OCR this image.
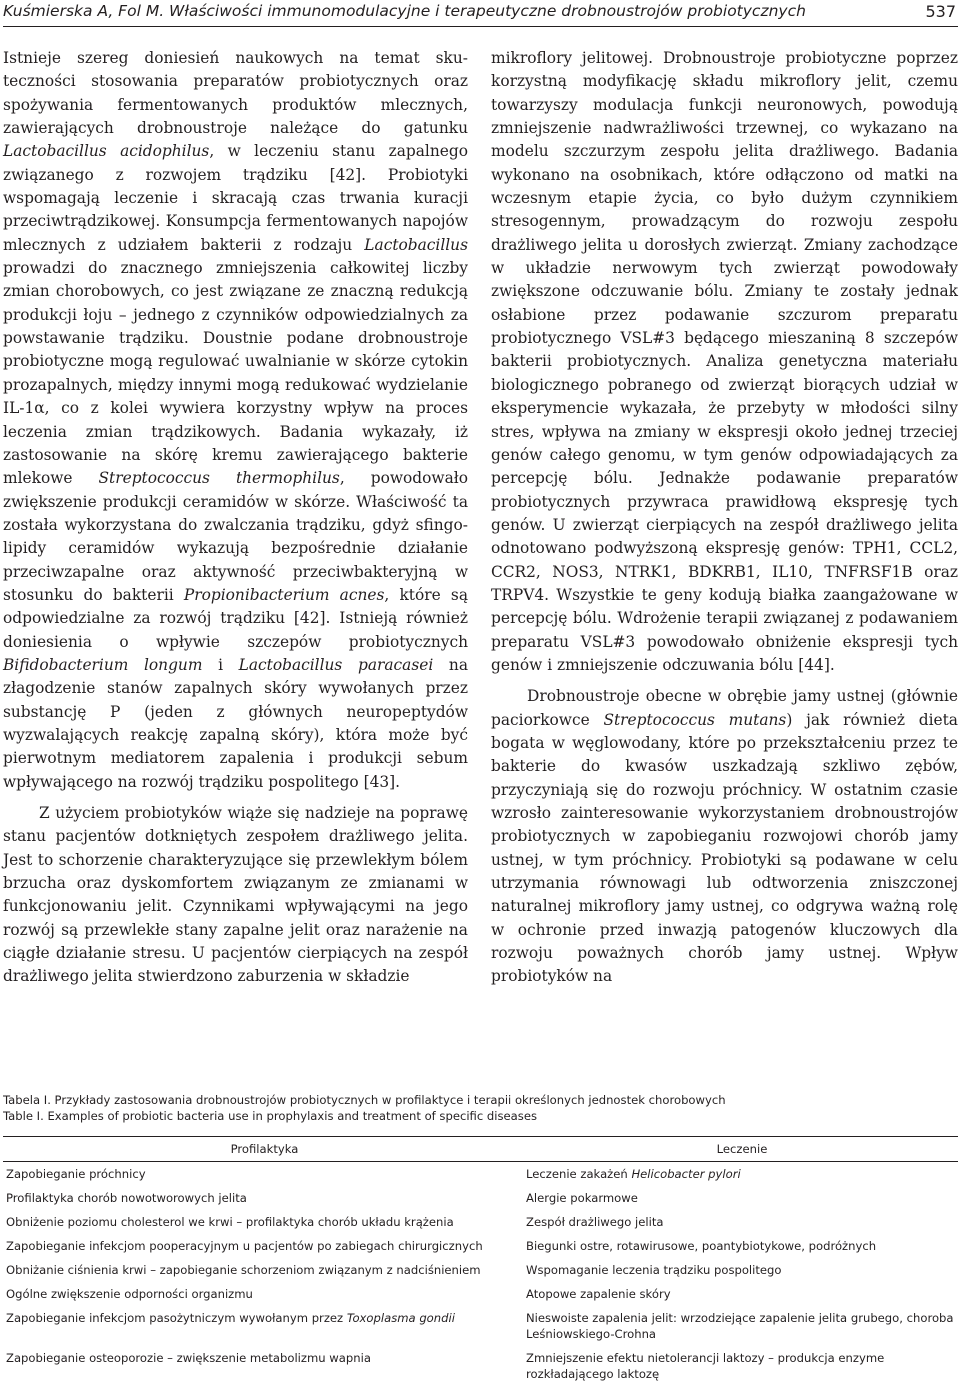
Kuśmierska A, Fol M. Właściwości immunomodulacyjne i terapeutyczne drobnoustrojów probiotycznych	537

Istnieje szereg doniesień naukowych na temat skuteczności stosowania preparatów probiotycznych oraz spożywania fermentowanych produktów mlecznych, zawierających drobnoustroje należące do gatunku Lactobacillus acidophilus, w leczeniu stanu zapalnego związanego z rozwojem trądziku [42]. Probiotyki wspomagają leczenie i skracają czas trwania kuracji przeciwtrądzikowej. Konsumpcja fermentowanych napojów mlecznych z udziałem bakterii z rodzaju Lactobacillus prowadzi do znacznego zmniejszenia całkowitej liczby zmian chorobowych, co jest związane ze znaczną redukcją produkcji łoju – jednego z czynników odpowiedzialnych za powstawanie trądziku. Doustnie podane drobnoustroje probiotyczne mogą regulować uwalnianie w skórze cytokin prozapalnych, między innymi mogą redukować wydzielanie IL-1α, co z kolei wywiera korzystny wpływ na proces leczenia zmian trądzikowych. Badania wykazały, iż zastosowanie na skórę kremu zawierającego bakterie mlekowe Streptococcus thermophilus, powodowało zwiększenie produkcji ceramidów w skórze. Właściwość ta została wykorzystana do zwalczania trądziku, gdyż sfingolipidy ceramidów wykazują bezpośrednie działanie przeciwzapalne oraz aktywność przeciwbakteryjną w stosunku do bakterii Propionibacterium acnes, które są odpowiedzialne za rozwój trądziku [42]. Istnieją również doniesienia o wpływie szczepów probiotycznych Bifidobacterium longum i Lactobacillus paracasei na złagodzenie stanów zapalnych skóry wywołanych przez substancję P (jeden z głównych neuropeptydów wyzwalających reakcję zapalną skóry), która może być pierwotnym mediatorem zapalenia i produkcji sebum wpływającego na rozwój trądziku pospolitego [43].

Z użyciem probiotyków wiąże się nadzieje na poprawę stanu pacjentów dotkniętych zespołem drażliwego jelita. Jest to schorzenie charakteryzujące się przewlekłym bólem brzucha oraz dyskomfortem związanym ze zmianami w funkcjonowaniu jelit. Czynnikami wpływającymi na jego rozwój są przewlekłe stany zapalne jelit oraz narażenie na ciągłe działanie stresu. U pacjentów cierpiących na zespół drażliwego jelita stwierdzono zaburzenia w składzie

mikroflory jelitowej. Drobnoustroje probiotyczne poprzez korzystną modyfikację składu mikroflory jelit, czemu towarzyszy modulacja funkcji neuronowych, powodują zmniejszenie nadwrażliwości trzewnej, co wykazano na modelu szczurzym zespołu jelita drażliwego. Badania wykonano na osobnikach, które odłączono od matki na wczesnym etapie życia, co było dużym czynnikiem stresogennym, prowadzącym do rozwoju zespołu drażliwego jelita u dorosłych zwierząt. Zmiany zachodzące w układzie nerwowym tych zwierząt powodowały zwiększone odczuwanie bólu. Zmiany te zostały jednak osłabione przez podawanie szczurom preparatu probiotycznego VSL#3 będącego mieszaniną 8 szczepów bakterii probiotycznych. Analiza genetyczna materiału biologicznego pobranego od zwierząt biorących udział w eksperymencie wykazała, że przebyty w młodości silny stres, wpływa na zmiany w ekspresji około jednej trzeciej genów całego genomu, w tym genów odpowiadających za percepcję bólu. Jednakże podawanie preparatów probiotycznych przywraca prawidłową ekspresję tych genów. U zwierząt cierpiących na zespół drażliwego jelita odnotowano podwyższoną ekspresję genów: TPH1, CCL2, CCR2, NOS3, NTRK1, BDKRB1, IL10, TNFRSF1B oraz TRPV4. Wszystkie te geny kodują białka zaangażowane w percepcję bólu. Wdrożenie terapii związanej z podawaniem preparatu VSL#3 powodowało obniżenie ekspresji tych genów i zmniejszenie odczuwania bólu [44].

Drobnoustroje obecne w obrębie jamy ustnej (głównie paciorkowce Streptococcus mutans) jak również dieta bogata w węglowodany, które po przekształceniu przez te bakterie do kwasów uszkadzają szkliwo zębów, przyczyniają się do rozwoju próchnicy. W ostatnim czasie wzrosło zainteresowanie wykorzystaniem drobnoustrojów probiotycznych w zapobieganiu rozwojowi chorób jamy ustnej, w tym próchnicy. Probiotyki są podawane w celu utrzymania równowagi lub odtworzenia zniszczonej naturalnej mikroflory jamy ustnej, co odgrywa ważną rolę w ochronie przed inwazją patogenów kluczowych dla rozwoju poważnych chorób jamy ustnej. Wpływ probiotyków na

Tabela I. Przykłady zastosowania drobnoustrojów probiotycznych w profilaktyce i terapii określonych jednostek chorobowych
Table I. Examples of probiotic bacteria use in prophylaxis and treatment of specific diseases
Profilaktyka	Leczenie
Zapobieganie próchnicy	Leczenie zakażeń Helicobacter pylori
Profilaktyka chorób nowotworowych jelita	Alergie pokarmowe
Obniżenie poziomu cholesterol we krwi – profilaktyka chorób układu krążenia	Zespół drażliwego jelita
Zapobieganie infekcjom pooperacyjnym u pacjentów po zabiegach chirurgicznych	Biegunki ostre, rotawirusowe, poantybiotykowe, podróżnych
Obniżanie ciśnienia krwi – zapobieganie schorzeniom związanym z nadciśnieniem	Wspomaganie leczenia trądziku pospolitego
Ogólne zwiększenie odporności organizmu	Atopowe zapalenie skóry
Zapobieganie infekcjom pasożytniczym wywołanym przez Toxoplasma gondii	Nieswoiste zapalenia jelit: wrzodziejące zapalenie jelita grubego, choroba Leśniowskiego-Crohna
Zapobieganie osteoporozie – zwiększenie metabolizmu wapnia	Zmniejszenie efektu nietolerancji laktozy – produkcja enzyme rozkładającego laktozę
